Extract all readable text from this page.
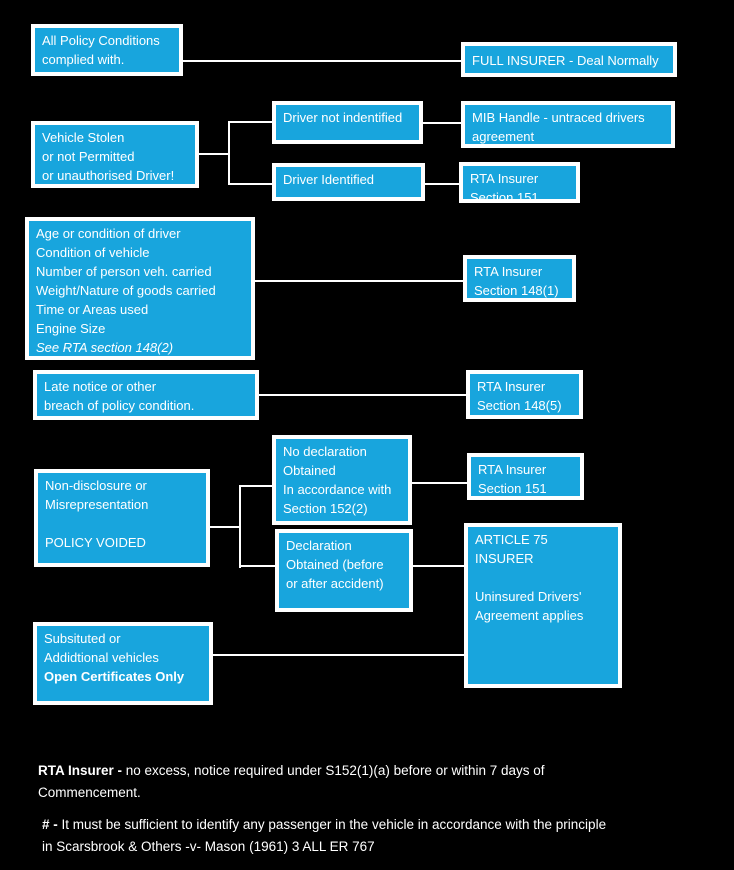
All Policy Conditions
complied with.	FULL INSURER - Deal Normally
Vehicle Stolen
or not Permitted
or unauthorised Driver!
Driver not indentified
Driver Identified
MIB Handle - untraced drivers
agreement
RTA Insurer
Section 151
Age or condition of driver
Condition of vehicle
Number of person veh. carried
Weight/Nature of goods carried
Time or Areas used
Engine Size
See RTA section 148(2)
RTA Insurer
Section 148(1)
Late notice or other
breach of policy condition.
RTA Insurer
Section 148(5)
Non-disclosure or
Misrepresentation
POLICY VOIDED
No declaration
Obtained
In accordance with
Section 152(2)
RTA Insurer
Section 151
Declaration
Obtained (before
or after accident)
ARTICLE 75
INSURER
Uninsured Drivers'
Agreement applies
Subsituted or
Addidtional vehicles
Open Certificates Only

RTA Insurer - no excess, notice required under S152(1)(a) before or within 7 days of
Commencement.

# - It must be sufficient to identify any passenger in the vehicle in accordance with the principle
in Scarsbrook & Others -v- Mason (1961) 3 ALL ER 767
